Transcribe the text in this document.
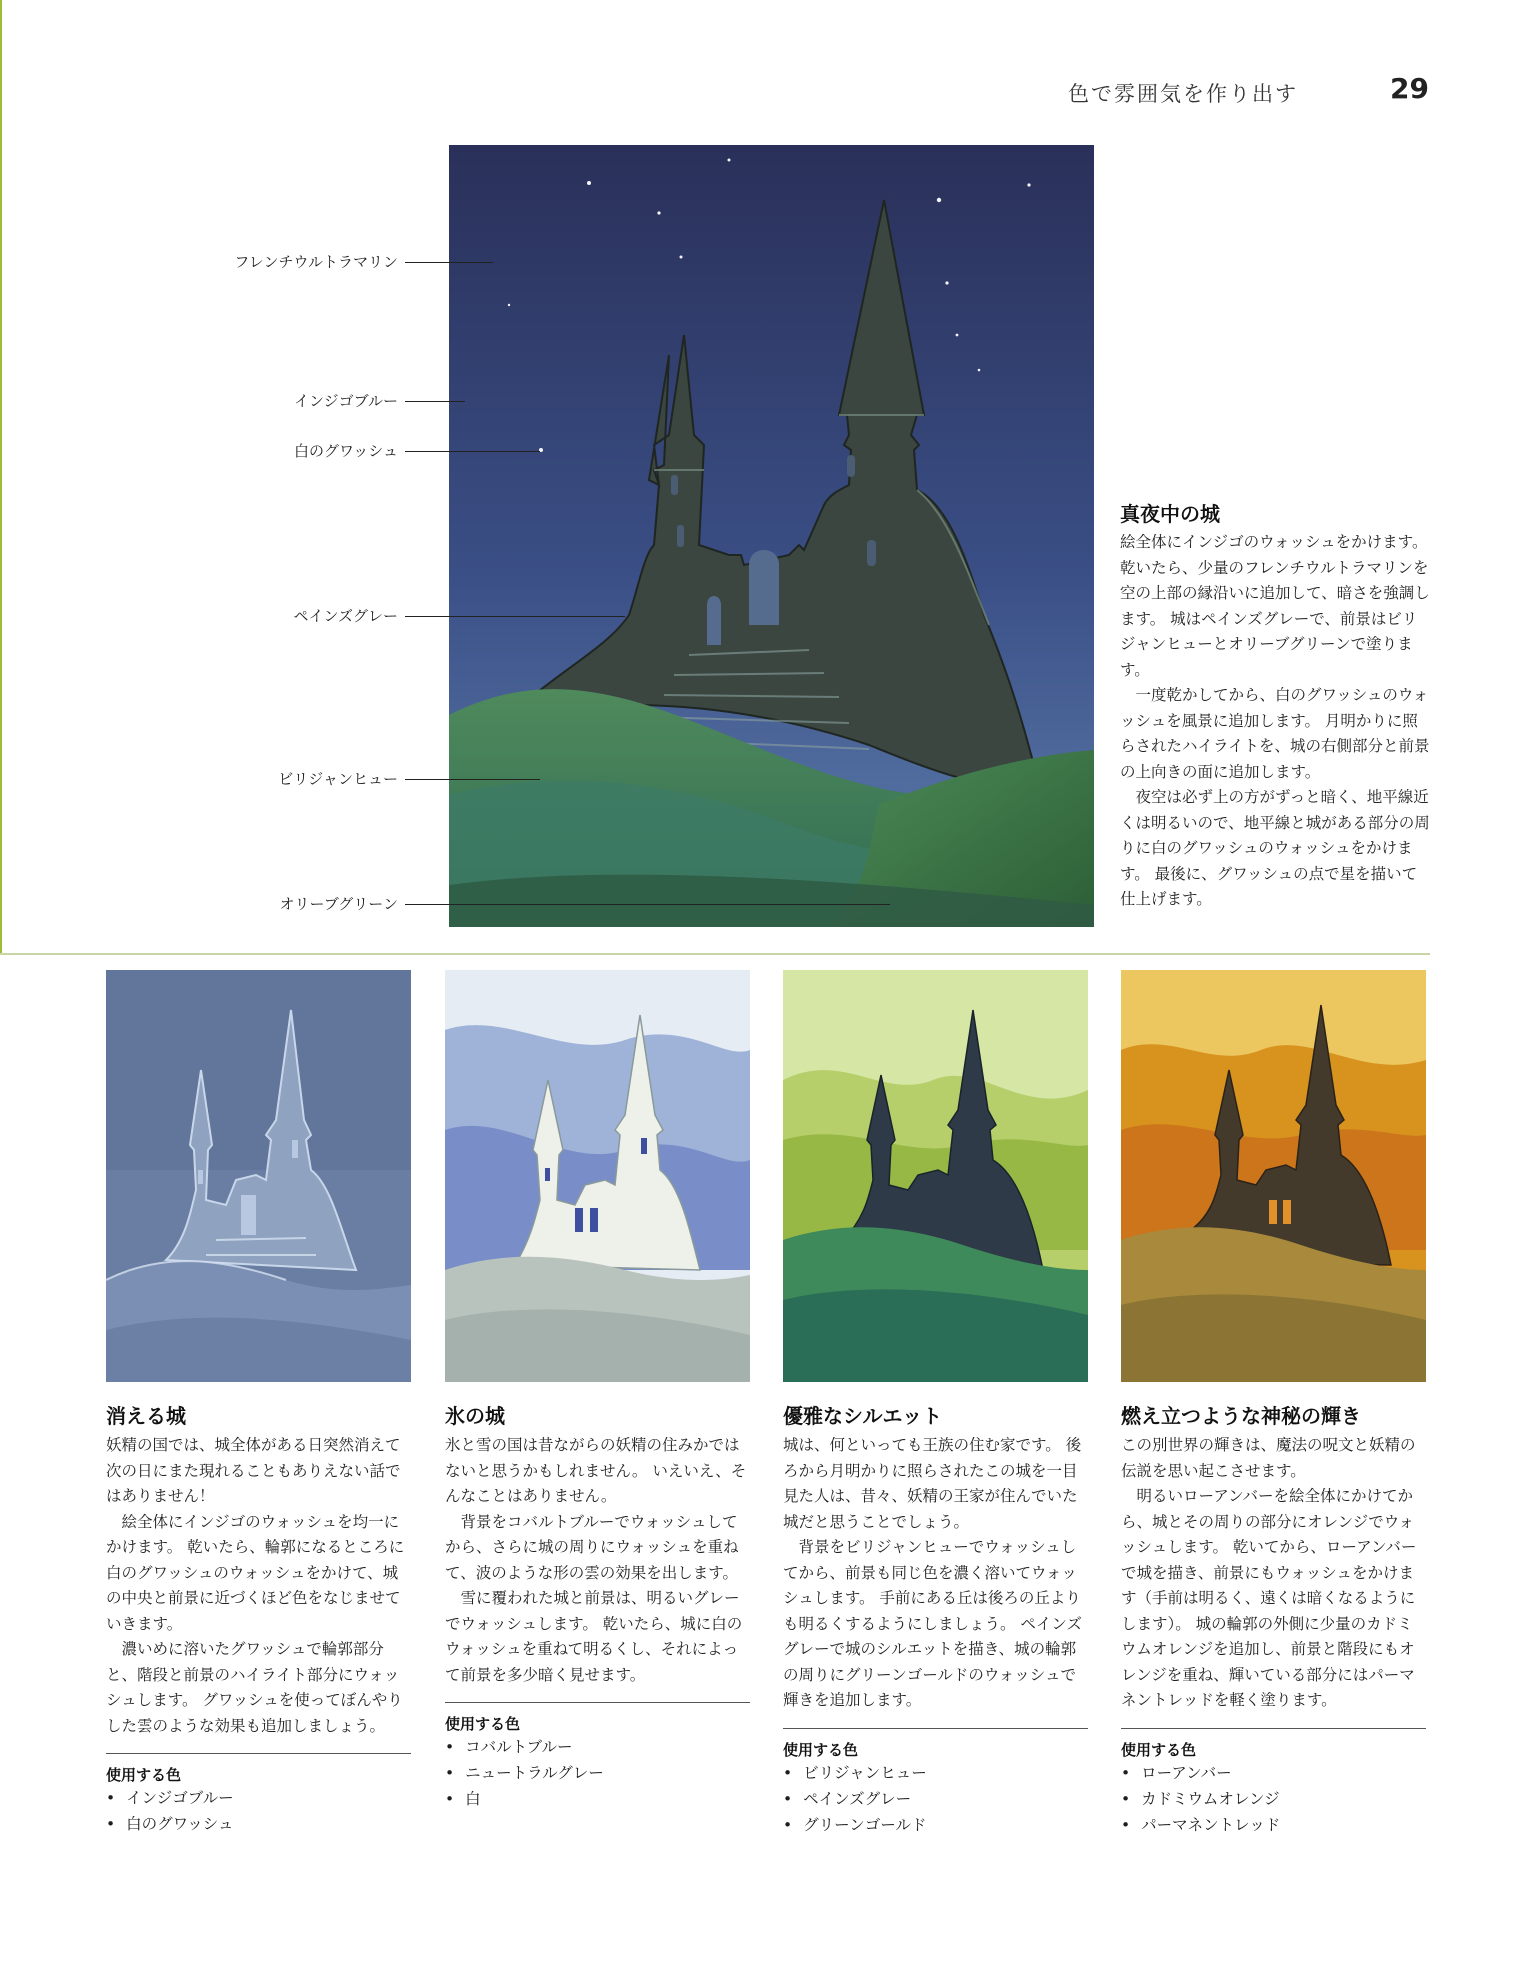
色で雰囲気を作り出す	29
フレンチウルトラマリン
インジゴブルー
白のグワッシュ
ペインズグレー
ビリジャンヒュー
オリーブグリーン
真夜中の城

絵全体にインジゴのウォッシュをかけます。 乾いたら、少量のフレンチウルトラマリンを空の上部の縁沿いに追加して、暗さを強調します。 城はペインズグレーで、前景はビリジャンヒューとオリーブグリーンで塗ります。

一度乾かしてから、白のグワッシュのウォッシュを風景に追加します。 月明かりに照らされたハイライトを、城の右側部分と前景の上向きの面に追加します。

夜空は必ず上の方がずっと暗く、地平線近くは明るいので、地平線と城がある部分の周りに白のグワッシュのウォッシュをかけます。 最後に、グワッシュの点で星を描いて仕上げます。

消える城

妖精の国では、城全体がある日突然消えて次の日にまた現れることもありえない話ではありません！

絵全体にインジゴのウォッシュを均一にかけます。 乾いたら、輪郭になるところに白のグワッシュのウォッシュをかけて、城の中央と前景に近づくほど色をなじませていきます。

濃いめに溶いたグワッシュで輪郭部分と、階段と前景のハイライト部分にウォッシュします。 グワッシュを使ってぼんやりした雲のような効果も追加しましょう。

使用する色
• インジゴブルー
• 白のグワッシュ
氷の城

氷と雪の国は昔ながらの妖精の住みかではないと思うかもしれません。 いえいえ、そんなことはありません。

背景をコバルトブルーでウォッシュしてから、さらに城の周りにウォッシュを重ねて、波のような形の雲の効果を出します。

雪に覆われた城と前景は、明るいグレーでウォッシュします。 乾いたら、城に白のウォッシュを重ねて明るくし、それによって前景を多少暗く見せます。

使用する色
• コバルトブルー
• ニュートラルグレー
• 白
優雅なシルエット

城は、何といっても王族の住む家です。 後ろから月明かりに照らされたこの城を一目見た人は、昔々、妖精の王家が住んでいた城だと思うことでしょう。

背景をビリジャンヒューでウォッシュしてから、前景も同じ色を濃く溶いてウォッシュします。 手前にある丘は後ろの丘よりも明るくするようにしましょう。 ペインズグレーで城のシルエットを描き、城の輪郭の周りにグリーンゴールドのウォッシュで輝きを追加します。

使用する色
• ビリジャンヒュー
• ペインズグレー
• グリーンゴールド
燃え立つような神秘の輝き

この別世界の輝きは、魔法の呪文と妖精の伝説を思い起こさせます。

明るいローアンバーを絵全体にかけてから、城とその周りの部分にオレンジでウォッシュします。 乾いてから、ローアンバーで城を描き、前景にもウォッシュをかけます（手前は明るく、遠くは暗くなるようにします）。 城の輪郭の外側に少量のカドミウムオレンジを追加し、前景と階段にもオレンジを重ね、輝いている部分にはパーマネントレッドを軽く塗ります。

使用する色
• ローアンバー
• カドミウムオレンジ
• パーマネントレッド
